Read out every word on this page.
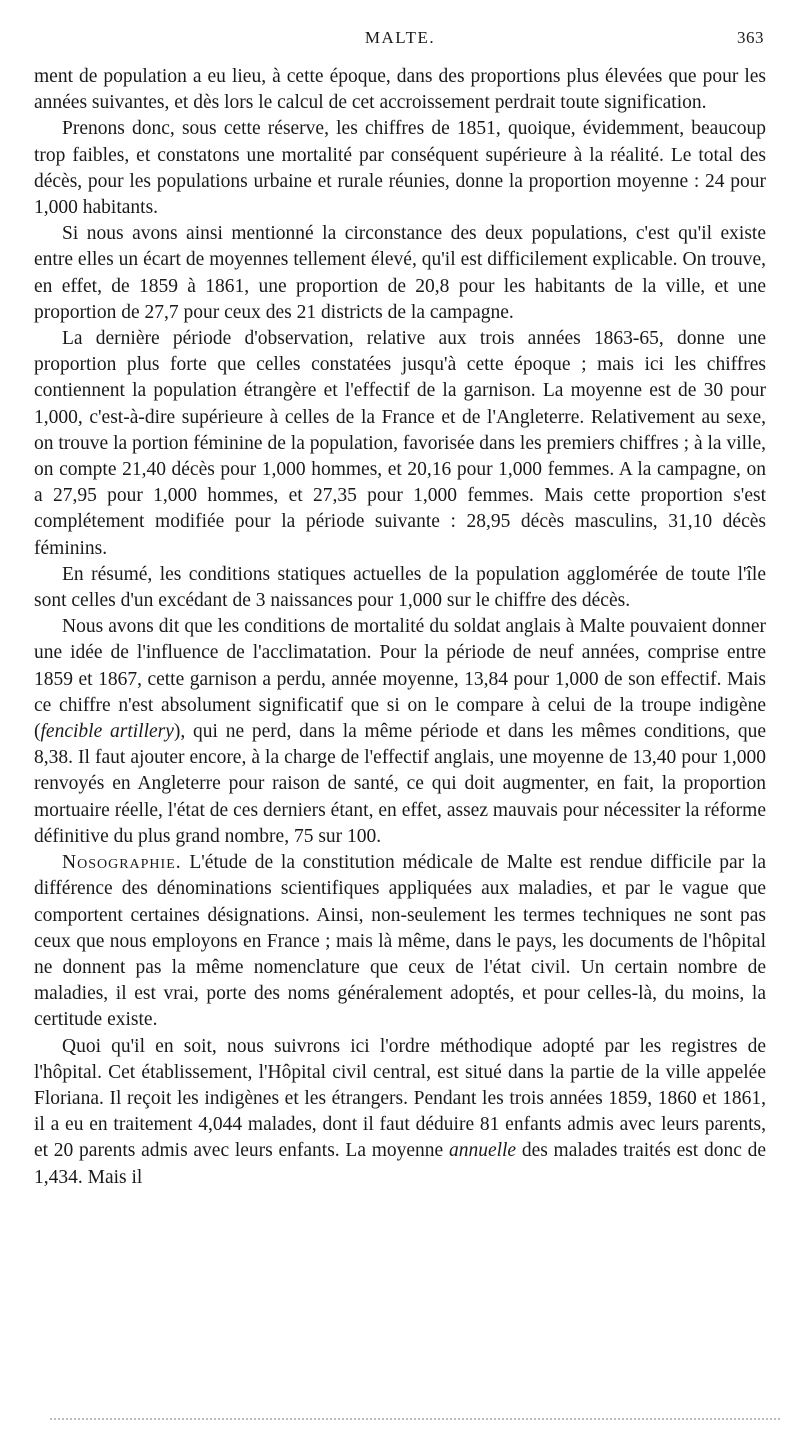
MALTE.	363

ment de population a eu lieu, à cette époque, dans des proportions plus élevées que pour les années suivantes, et dès lors le calcul de cet accroissement perdrait toute signification.

Prenons donc, sous cette réserve, les chiffres de 1851, quoique, évidemment, beaucoup trop faibles, et constatons une mortalité par conséquent supérieure à la réalité. Le total des décès, pour les populations urbaine et rurale réunies, donne la proportion moyenne : 24 pour 1,000 habitants.

Si nous avons ainsi mentionné la circonstance des deux populations, c'est qu'il existe entre elles un écart de moyennes tellement élevé, qu'il est difficilement explicable. On trouve, en effet, de 1859 à 1861, une proportion de 20,8 pour les habitants de la ville, et une proportion de 27,7 pour ceux des 21 districts de la campagne.

La dernière période d'observation, relative aux trois années 1863-65, donne une proportion plus forte que celles constatées jusqu'à cette époque ; mais ici les chiffres contiennent la population étrangère et l'effectif de la garnison. La moyenne est de 30 pour 1,000, c'est-à-dire supérieure à celles de la France et de l'Angleterre. Relativement au sexe, on trouve la portion féminine de la population, favorisée dans les premiers chiffres ; à la ville, on compte 21,40 décès pour 1,000 hommes, et 20,16 pour 1,000 femmes. A la campagne, on a 27,95 pour 1,000 hommes, et 27,35 pour 1,000 femmes. Mais cette proportion s'est complétement modifiée pour la période suivante : 28,95 décès masculins, 31,10 décès féminins.

En résumé, les conditions statiques actuelles de la population agglomérée de toute l'île sont celles d'un excédant de 3 naissances pour 1,000 sur le chiffre des décès.

Nous avons dit que les conditions de mortalité du soldat anglais à Malte pouvaient donner une idée de l'influence de l'acclimatation. Pour la période de neuf années, comprise entre 1859 et 1867, cette garnison a perdu, année moyenne, 13,84 pour 1,000 de son effectif. Mais ce chiffre n'est absolument significatif que si on le compare à celui de la troupe indigène (fencible artillery), qui ne perd, dans la même période et dans les mêmes conditions, que 8,38. Il faut ajouter encore, à la charge de l'effectif anglais, une moyenne de 13,40 pour 1,000 renvoyés en Angleterre pour raison de santé, ce qui doit augmenter, en fait, la proportion mortuaire réelle, l'état de ces derniers étant, en effet, assez mauvais pour nécessiter la réforme définitive du plus grand nombre, 75 sur 100.

Nosographie. L'étude de la constitution médicale de Malte est rendue difficile par la différence des dénominations scientifiques appliquées aux maladies, et par le vague que comportent certaines désignations. Ainsi, non-seulement les termes techniques ne sont pas ceux que nous employons en France ; mais là même, dans le pays, les documents de l'hôpital ne donnent pas la même nomenclature que ceux de l'état civil. Un certain nombre de maladies, il est vrai, porte des noms généralement adoptés, et pour celles-là, du moins, la certitude existe.

Quoi qu'il en soit, nous suivrons ici l'ordre méthodique adopté par les registres de l'hôpital. Cet établissement, l'Hôpital civil central, est situé dans la partie de la ville appelée Floriana. Il reçoit les indigènes et les étrangers. Pendant les trois années 1859, 1860 et 1861, il a eu en traitement 4,044 malades, dont il faut déduire 81 enfants admis avec leurs parents, et 20 parents admis avec leurs enfants. La moyenne annuelle des malades traités est donc de 1,434. Mais il
